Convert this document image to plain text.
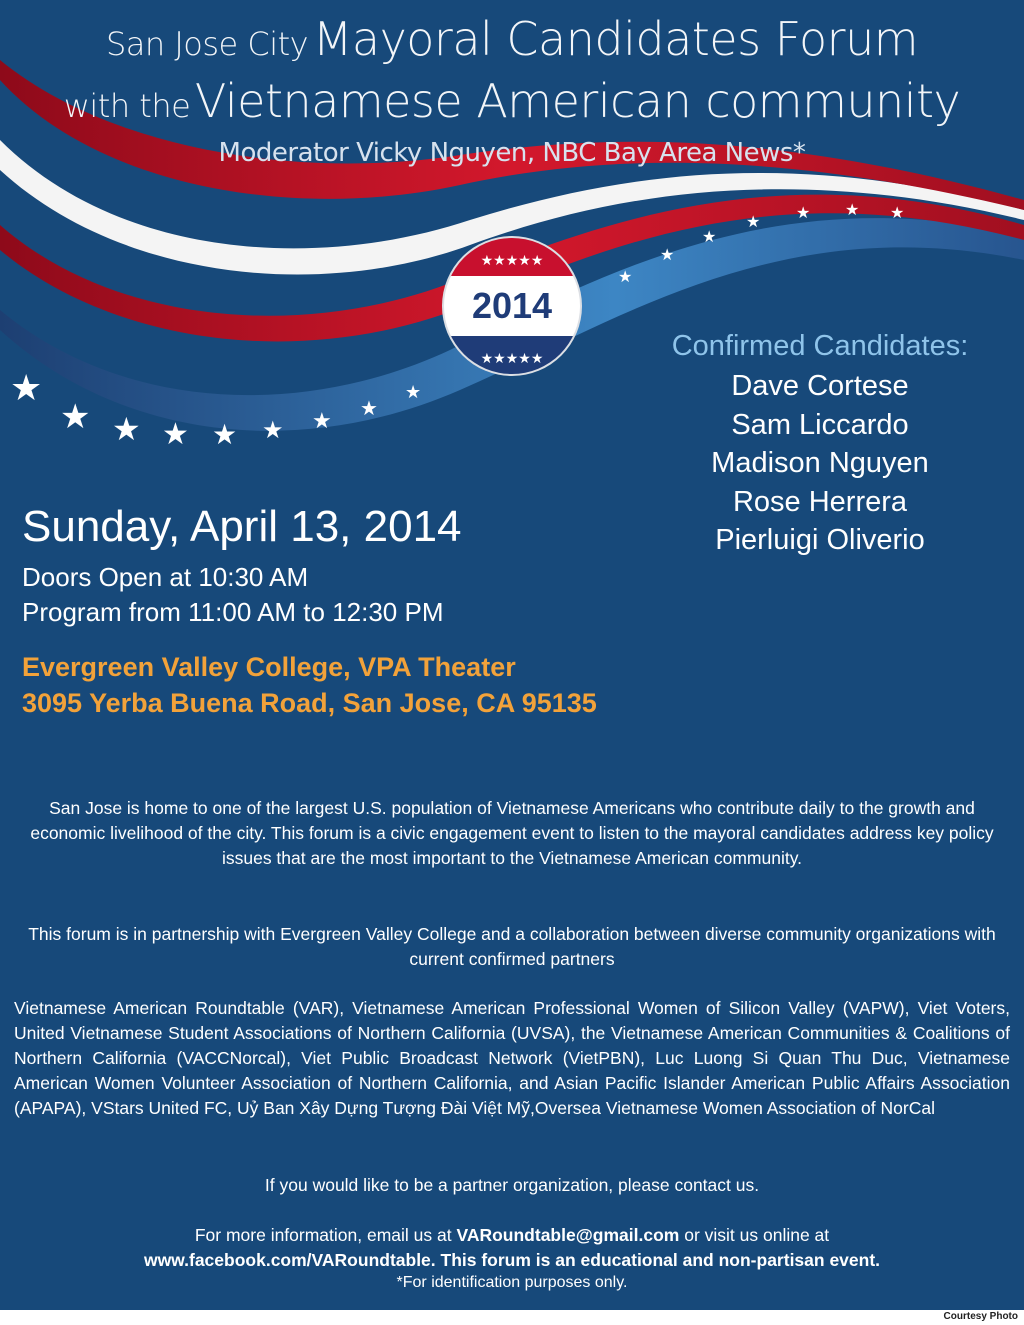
★
★ ★ ★ ★ ★ ★
★
★
★
★
★
★ ★ ★ ★
San Jose City Mayoral Candidates Forum
with the Vietnamese American community
Moderator Vicky Nguyen, NBC Bay Area News*
★★★★★
★★★★★
2014
Confirmed Candidates:
Dave Cortese
Sam Liccardo
Madison Nguyen
Rose Herrera
Pierluigi Oliverio
Sunday, April 13, 2014
Doors Open at 10:30 AM
Program from 11:00 AM to 12:30 PM
Evergreen Valley College, VPA Theater
3095 Yerba Buena Road, San Jose, CA 95135
San Jose is home to one of the largest U.S. population of Vietnamese Americans who contribute daily to the growth and economic livelihood of the city. This forum is a civic engagement event to listen to the mayoral candidates address key policy issues that are the most important to the Vietnamese American community.
This forum is in partnership with Evergreen Valley College and a collaboration between diverse community organizations with current confirmed partners
Vietnamese American Roundtable (VAR), Vietnamese American Professional Women of Silicon Valley (VAPW), Viet Voters, United Vietnamese Student Associations of Northern California (UVSA), the Vietnamese American Communities & Coalitions of Northern California (VACCNorcal), Viet Public Broadcast Network (VietPBN), Luc Luong Si Quan Thu Duc, Vietnamese American Women Volunteer Association of Northern California, and Asian Pacific Islander American Public Affairs Association (APAPA), VStars United FC, Uỷ Ban Xây Dựng Tượng Đài Việt Mỹ,Oversea Vietnamese Women Association of NorCal
If you would like to be a partner organization, please contact us.
For more information, email us at VARoundtable@gmail.com or visit us online at
www.facebook.com/VARoundtable. This forum is an educational and non-partisan event.
*For identification purposes only.
Courtesy Photo
